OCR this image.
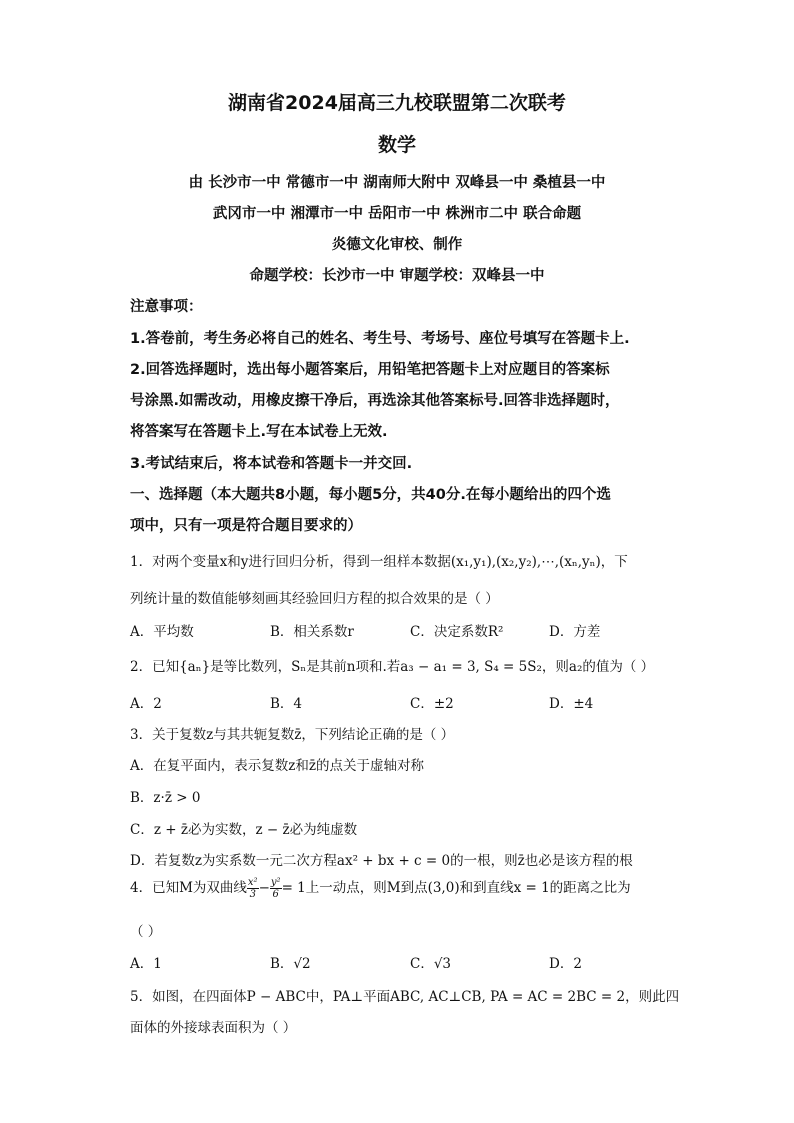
湖南省2024届高三九校联盟第二次联考
数学
由 长沙市一中 常德市一中 湖南师大附中 双峰县一中 桑植县一中
武冈市一中 湘潭市一中 岳阳市一中 株洲市二中 联合命题
炎德文化审校、制作
命题学校：长沙市一中 审题学校：双峰县一中
注意事项：
1.答卷前，考生务必将自己的姓名、考生号、考场号、座位号填写在答题卡上.
2.回答选择题时，选出每小题答案后，用铅笔把答题卡上对应题目的答案标
号涂黑.如需改动，用橡皮擦干净后，再选涂其他答案标号.回答非选择题时，
将答案写在答题卡上.写在本试卷上无效.
3.考试结束后，将本试卷和答题卡一并交回.
一、选择题（本大题共8小题，每小题5分，共40分.在每小题给出的四个选
项中，只有一项是符合题目要求的）
1．对两个变量x和y进行回归分析，得到一组样本数据(x₁,y₁),(x₂,y₂),⋯,(xₙ,yₙ)，下
列统计量的数值能够刻画其经验回归方程的拟合效果的是（ ）
A．平均数	B．相关系数r	C．决定系数R²	D．方差
2．已知{aₙ}是等比数列，Sₙ是其前n项和.若a₃ − a₁ = 3, S₄ = 5S₂，则a₂的值为（ ）
A．2	B．4	C．±2	D．±4
3．关于复数z与其共轭复数z̄，下列结论正确的是（ ）
A．在复平面内，表示复数z和z̄的点关于虚轴对称
B．z·z̄ > 0
C．z + z̄必为实数，z − z̄必为纯虚数
D．若复数z为实系数一元二次方程ax² + bx + c = 0的一根，则z̄也必是该方程的根
4．已知M为双曲线 $\frac{\text{x²}}{3} - \frac{\text{y²}}{6} = 1$上一动点，则M到点(3,0)和到直线x = 1的距离之比为
（ ）
A．1	B．√2	C．√3	D．2
5．如图，在四面体P − ABC中，PA⊥平面ABC, AC⊥CB, PA = AC = 2BC = 2，则此四
面体的外接球表面积为（ ）
